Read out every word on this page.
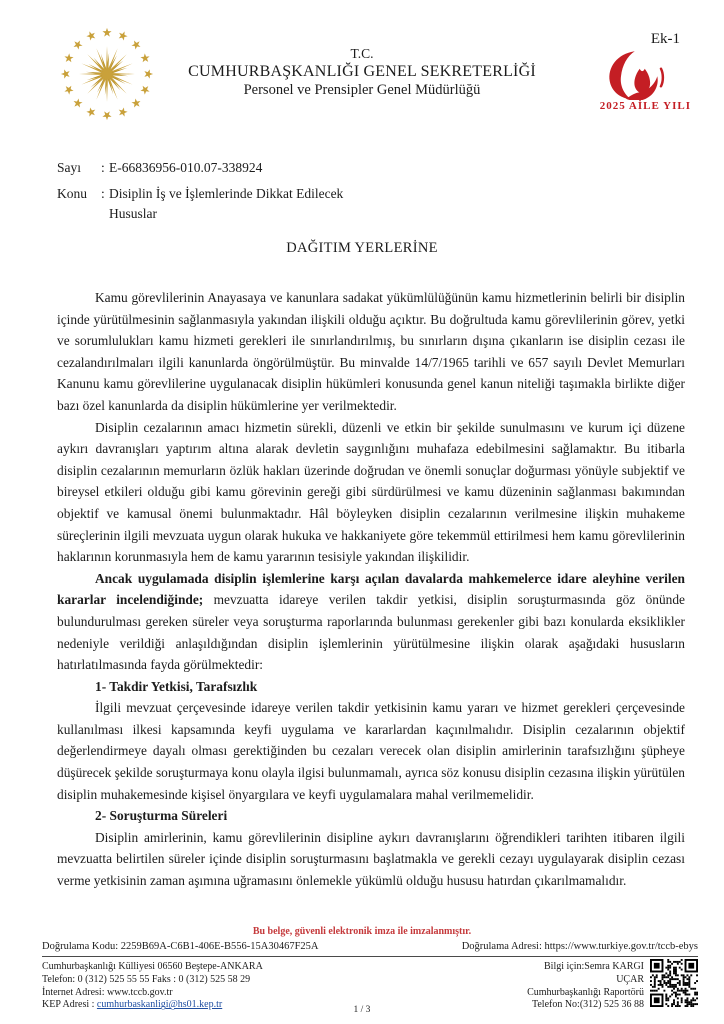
T.C.
CUMHURBAŞKANLIĞI GENEL SEKRETERLİĞİ
Personel ve Prensipler Genel Müdürlüğü
Ek-1
2025 AİLE YILI
Sayı	: E-66836956-010.07-338924
Konu	: Disiplin İş ve İşlemlerinde Dikkat Edilecek
Hususlar
DAĞITIM YERLERİNE

Kamu görevlilerinin Anayasaya ve kanunlara sadakat yükümlülüğünün kamu hizmetlerinin belirli bir disiplin içinde yürütülmesinin sağlanmasıyla yakından ilişkili olduğu açıktır. Bu doğrultuda kamu görevlilerinin görev, yetki ve sorumlulukları kamu hizmeti gerekleri ile sınırlandırılmış, bu sınırların dışına çıkanların ise disiplin cezası ile cezalandırılmaları ilgili kanunlarda öngörülmüştür. Bu minvalde 14/7/1965 tarihli ve 657 sayılı Devlet Memurları Kanunu kamu görevlilerine uygulanacak disiplin hükümleri konusunda genel kanun niteliği taşımakla birlikte diğer bazı özel kanunlarda da disiplin hükümlerine yer verilmektedir.

Disiplin cezalarının amacı hizmetin sürekli, düzenli ve etkin bir şekilde sunulmasını ve kurum içi düzene aykırı davranışları yaptırım altına alarak devletin saygınlığını muhafaza edebilmesini sağlamaktır. Bu itibarla disiplin cezalarının memurların özlük hakları üzerinde doğrudan ve önemli sonuçlar doğurması yönüyle subjektif ve bireysel etkileri olduğu gibi kamu görevinin gereği gibi sürdürülmesi ve kamu düzeninin sağlanması bakımından objektif ve kamusal önemi bulunmaktadır. Hâl böyleyken disiplin cezalarının verilmesine ilişkin muhakeme süreçlerinin ilgili mevzuata uygun olarak hukuka ve hakkaniyete göre tekemmül ettirilmesi hem kamu görevlilerinin haklarının korunmasıyla hem de kamu yararının tesisiyle yakından ilişkilidir.

Ancak uygulamada disiplin işlemlerine karşı açılan davalarda mahkemelerce idare aleyhine verilen kararlar incelendiğinde; mevzuatta idareye verilen takdir yetkisi, disiplin soruşturmasında göz önünde bulundurulması gereken süreler veya soruşturma raporlarında bulunması gerekenler gibi bazı konularda eksiklikler nedeniyle verildiği anlaşıldığından disiplin işlemlerinin yürütülmesine ilişkin olarak aşağıdaki hususların hatırlatılmasında fayda görülmektedir:

1- Takdir Yetkisi, Tarafsızlık

İlgili mevzuat çerçevesinde idareye verilen takdir yetkisinin kamu yararı ve hizmet gerekleri çerçevesinde kullanılması ilkesi kapsamında keyfi uygulama ve kararlardan kaçınılmalıdır. Disiplin cezalarının objektif değerlendirmeye dayalı olması gerektiğinden bu cezaları verecek olan disiplin amirlerinin tarafsızlığını şüpheye düşürecek şekilde soruşturmaya konu olayla ilgisi bulunmamalı, ayrıca söz konusu disiplin cezasına ilişkin yürütülen disiplin muhakemesinde kişisel önyargılara ve keyfi uygulamalara mahal verilmemelidir.

2- Soruşturma Süreleri

Disiplin amirlerinin, kamu görevlilerinin disipline aykırı davranışlarını öğrendikleri tarihten itibaren ilgili mevzuatta belirtilen süreler içinde disiplin soruşturmasını başlatmakla ve gerekli cezayı uygulayarak disiplin cezası verme yetkisinin zaman aşımına uğramasını önlemekle yükümlü olduğu hususu hatırdan çıkarılmamalıdır.

Bu belge, güvenli elektronik imza ile imzalanmıştır.
Doğrulama Kodu: 2259B69A-C6B1-406E-B556-15A30467F25A	Doğrulama Adresi: https://www.turkiye.gov.tr/tccb-ebys
Cumhurbaşkanlığı Külliyesi 06560 Beştepe-ANKARA
Telefon: 0 (312) 525 55 55 Faks : 0 (312) 525 58 29
İnternet Adresi: www.tccb.gov.tr
KEP Adresi : cumhurbaskanligi@hs01.kep.tr
Bilgi için:Semra KARGI
UÇAR
Cumhurbaşkanlığı Raportörü
Telefon No:(312) 525 36 88
1 / 3
